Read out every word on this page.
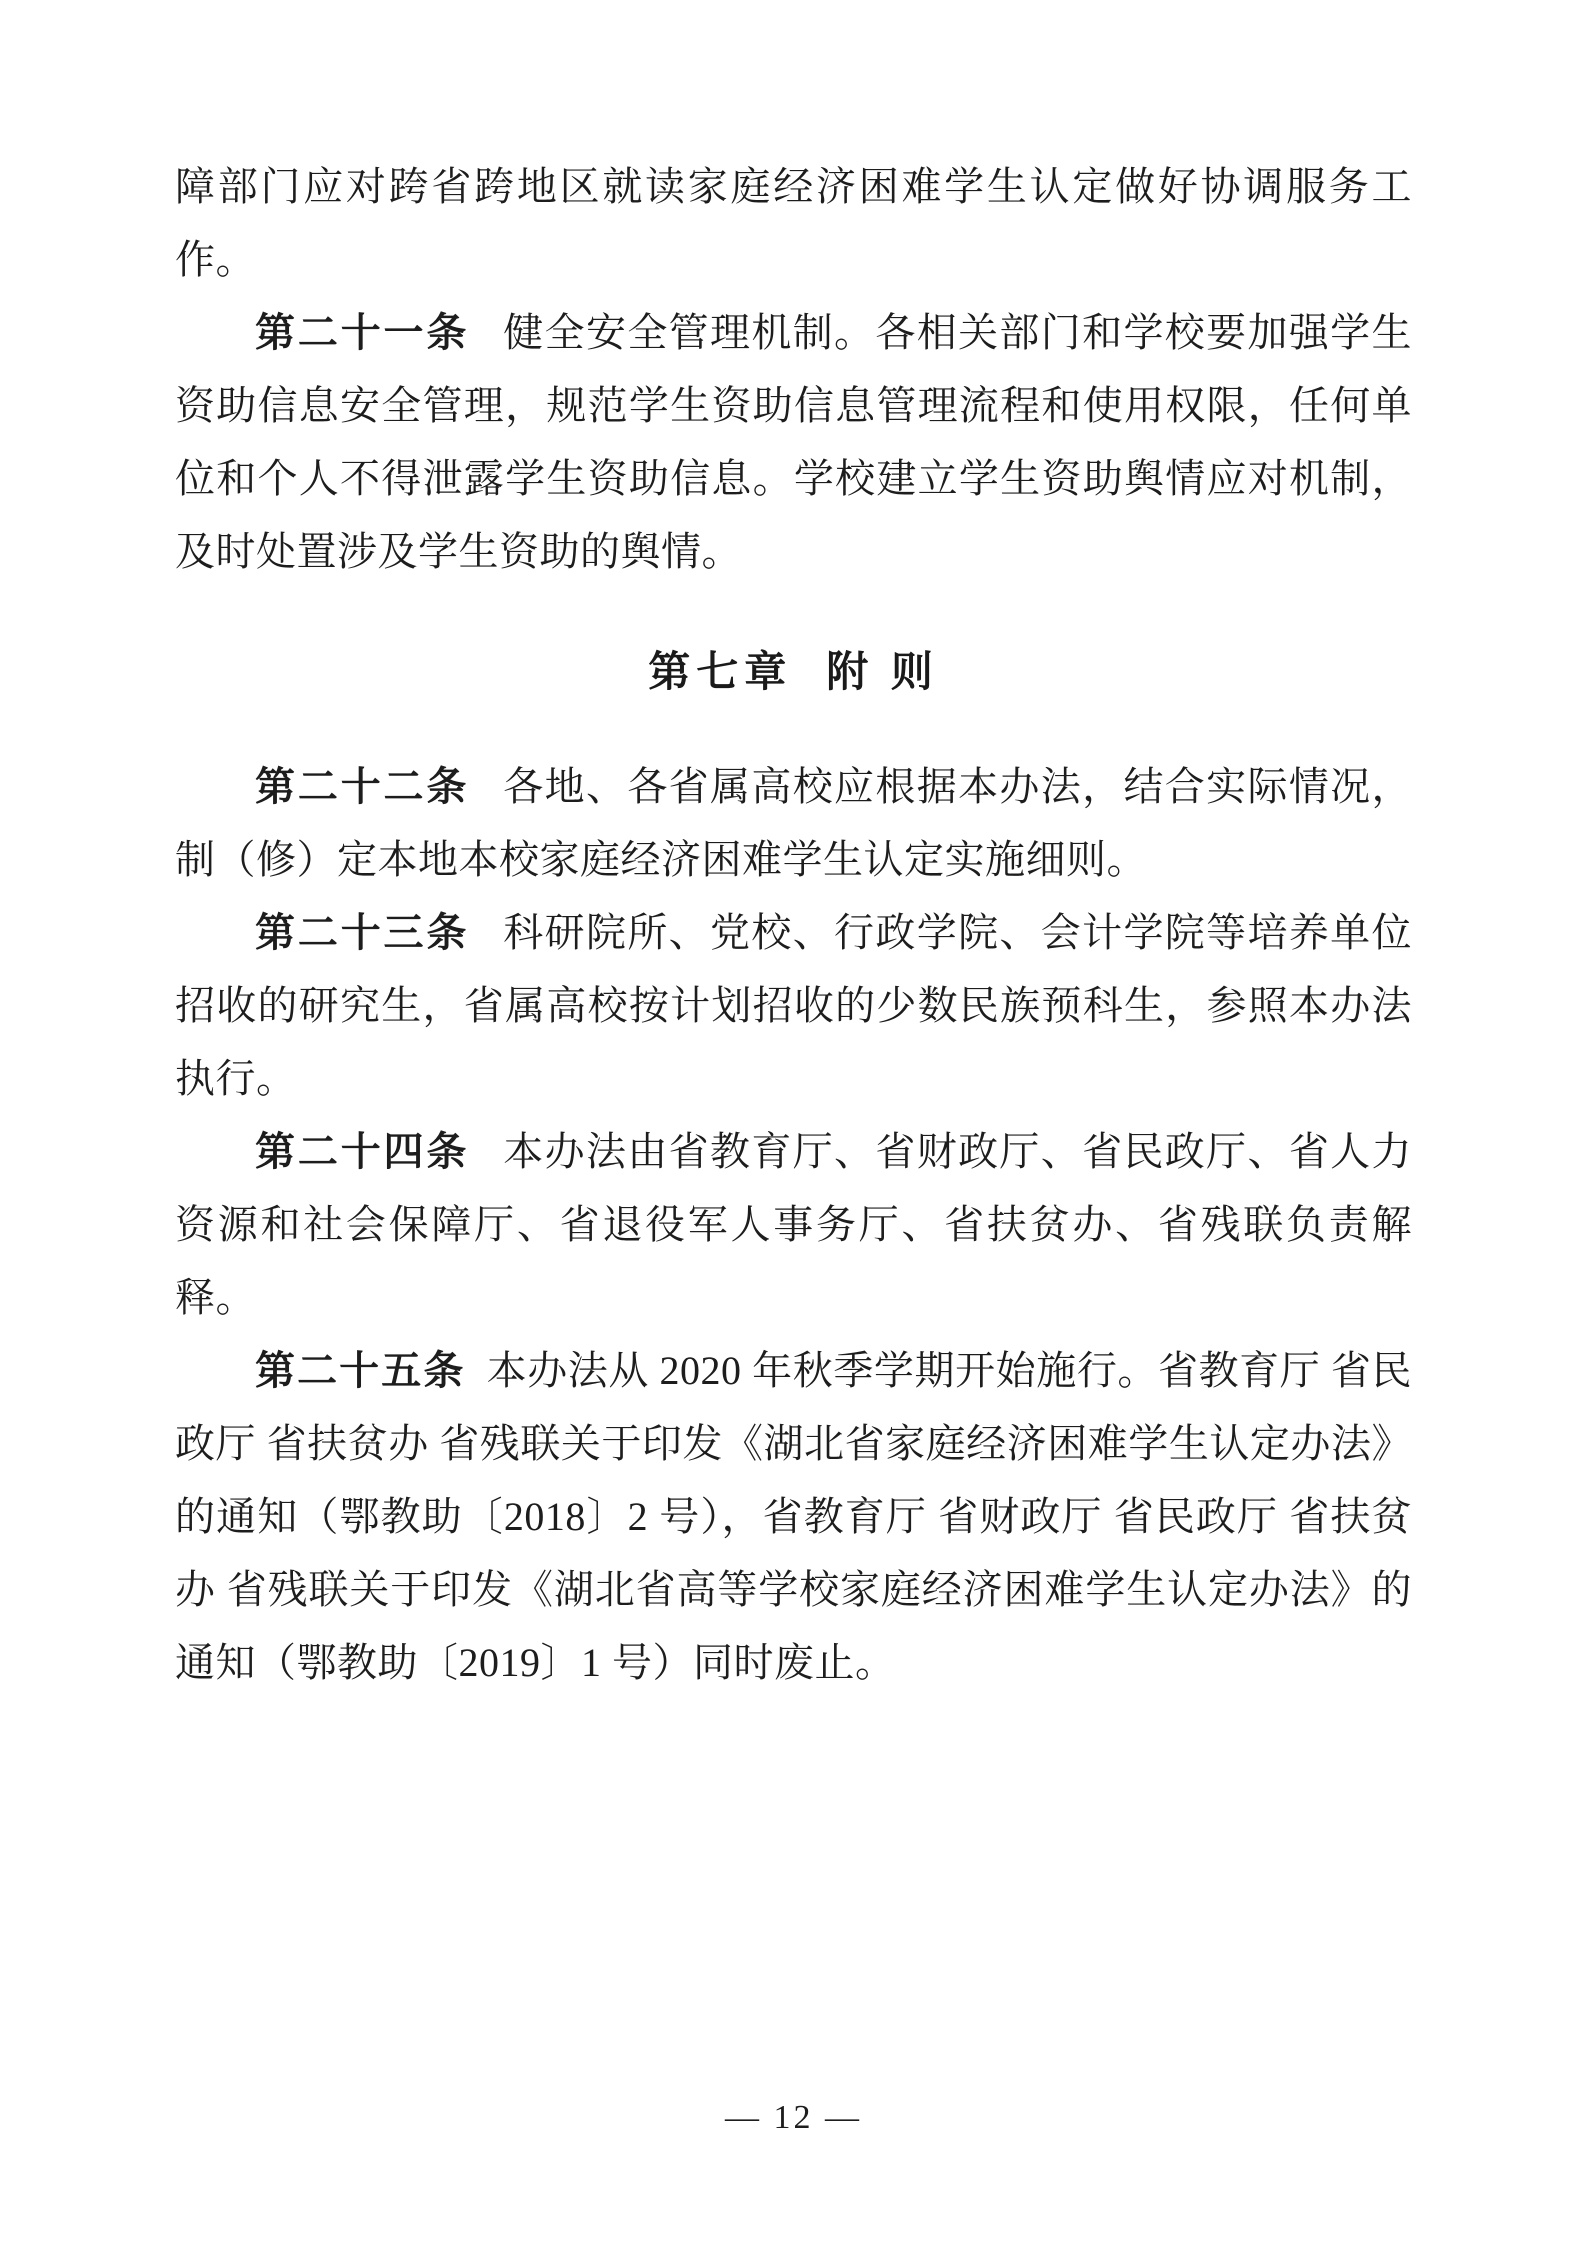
障部门应对跨省跨地区就读家庭经济困难学生认定做好协调服务工作。

第二十一条 健全安全管理机制。各相关部门和学校要加强学生资助信息安全管理，规范学生资助信息管理流程和使用权限，任何单位和个人不得泄露学生资助信息。学校建立学生资助舆情应对机制，及时处置涉及学生资助的舆情。

第七章 附 则

第二十二条 各地、各省属高校应根据本办法，结合实际情况，制（修）定本地本校家庭经济困难学生认定实施细则。

第二十三条 科研院所、党校、行政学院、会计学院等培养单位招收的研究生，省属高校按计划招收的少数民族预科生，参照本办法执行。

第二十四条 本办法由省教育厅、省财政厅、省民政厅、省人力资源和社会保障厅、省退役军人事务厅、省扶贫办、省残联负责解释。

第二十五条 本办法从 2020 年秋季学期开始施行。省教育厅 省民政厅 省扶贫办 省残联关于印发《湖北省家庭经济困难学生认定办法》的通知（鄂教助〔2018〕2 号），省教育厅 省财政厅 省民政厅 省扶贫办 省残联关于印发《湖北省高等学校家庭经济困难学生认定办法》的通知（鄂教助〔2019〕1 号）同时废止。

— 12 —
